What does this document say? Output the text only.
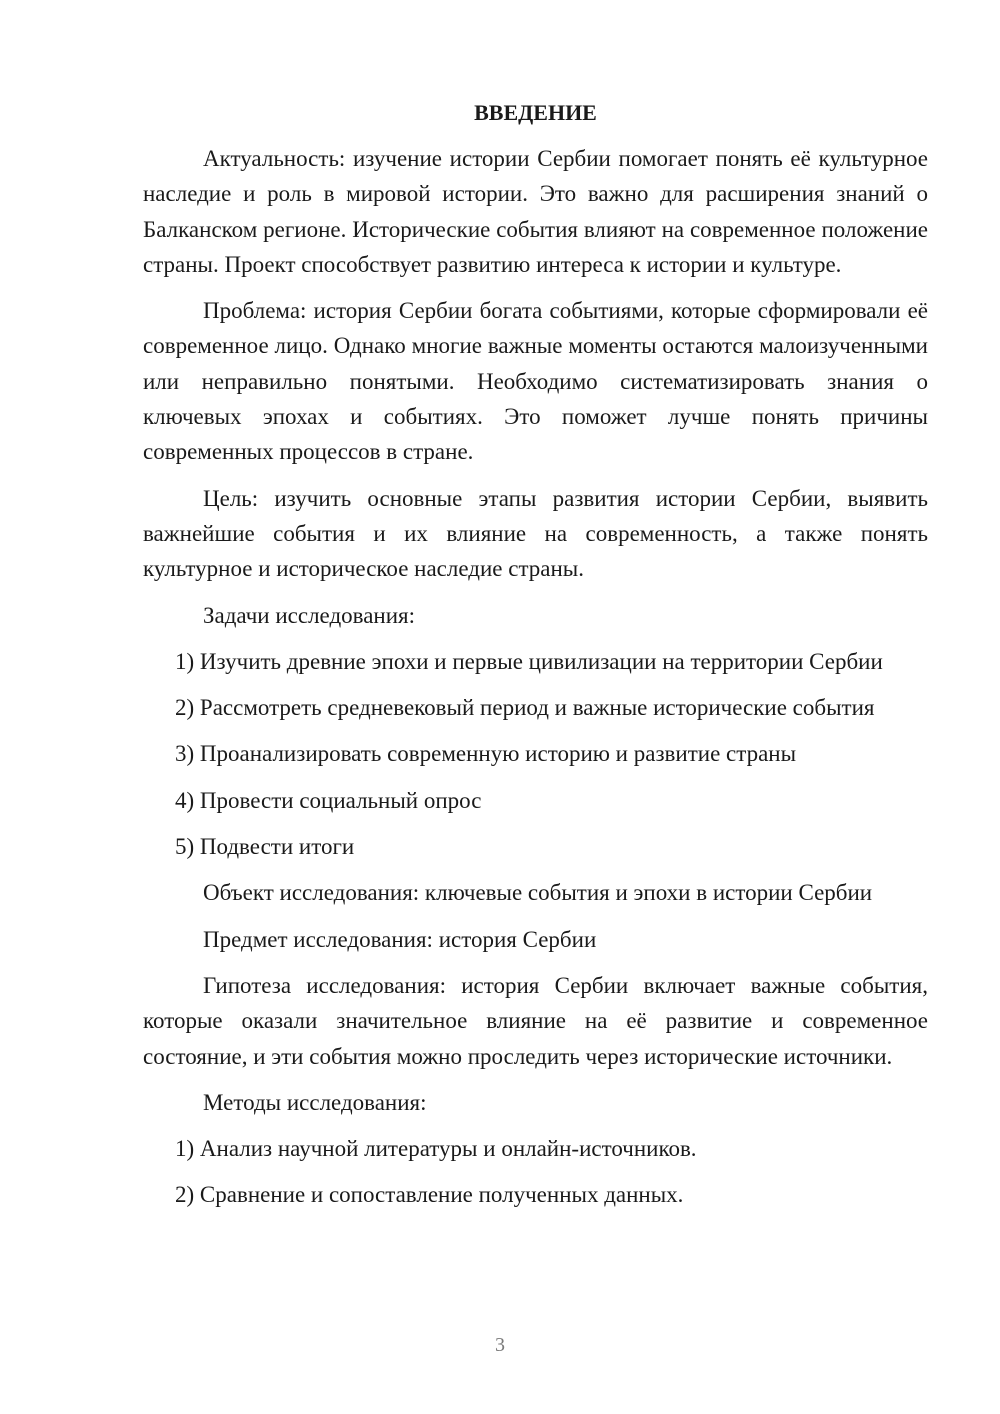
ВВЕДЕНИЕ

Актуальность: изучение истории Сербии помогает понять её культурное наследие и роль в мировой истории. Это важно для расширения знаний о Балканском регионе. Исторические события влияют на современное положение страны. Проект способствует развитию интереса к истории и культуре.

Проблема: история Сербии богата событиями, которые сформировали её современное лицо. Однако многие важные моменты остаются малоизученными или неправильно понятыми. Необходимо систематизировать знания о ключевых эпохах и событиях. Это поможет лучше понять причины современных процессов в стране.

Цель: изучить основные этапы развития истории Сербии, выявить важнейшие события и их влияние на современность, а также понять культурное и историческое наследие страны.

Задачи исследования:

1) Изучить древние эпохи и первые цивилизации на территории Сербии

2) Рассмотреть средневековый период и важные исторические события

3) Проанализировать современную историю и развитие страны

4) Провести социальный опрос

5) Подвести итоги

Объект исследования: ключевые события и эпохи в истории Сербии

Предмет исследования: история Сербии

Гипотеза исследования: история Сербии включает важные события, которые оказали значительное влияние на её развитие и современное состояние, и эти события можно проследить через исторические источники.

Методы исследования:

1) Анализ научной литературы и онлайн-источников.

2) Сравнение и сопоставление полученных данных.

3
